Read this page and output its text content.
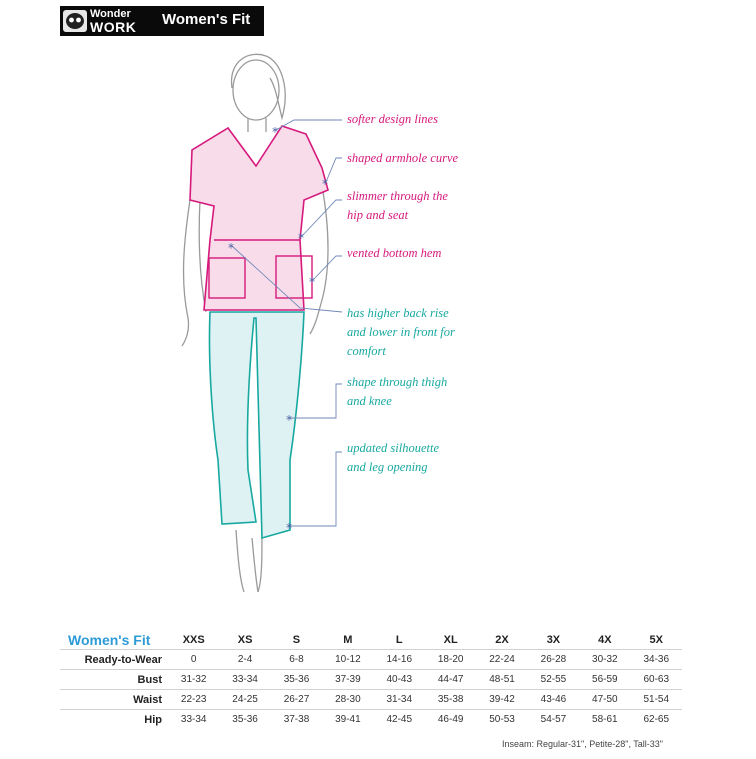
Wonder
WORK Women's Fit
*
*
*
*
*
*
*
softer design lines
shaped armhole curve
slimmer through the
hip and seat
vented bottom hem
has higher back rise
and lower in front for
comfort
shape through thigh
and knee
updated silhouette
and leg opening
Women's Fit	XXS	XS	S	M	L	XL	2X	3X	4X	5X
Ready-to-Wear	0	2-4	6-8	10-12	14-16	18-20	22-24	26-28	30-32	34-36
Bust	31-32	33-34	35-36	37-39	40-43	44-47	48-51	52-55	56-59	60-63
Waist	22-23	24-25	26-27	28-30	31-34	35-38	39-42	43-46	47-50	51-54
Hip	33-34	35-36	37-38	39-41	42-45	46-49	50-53	54-57	58-61	62-65
Inseam: Regular-31", Petite-28", Tall-33"
